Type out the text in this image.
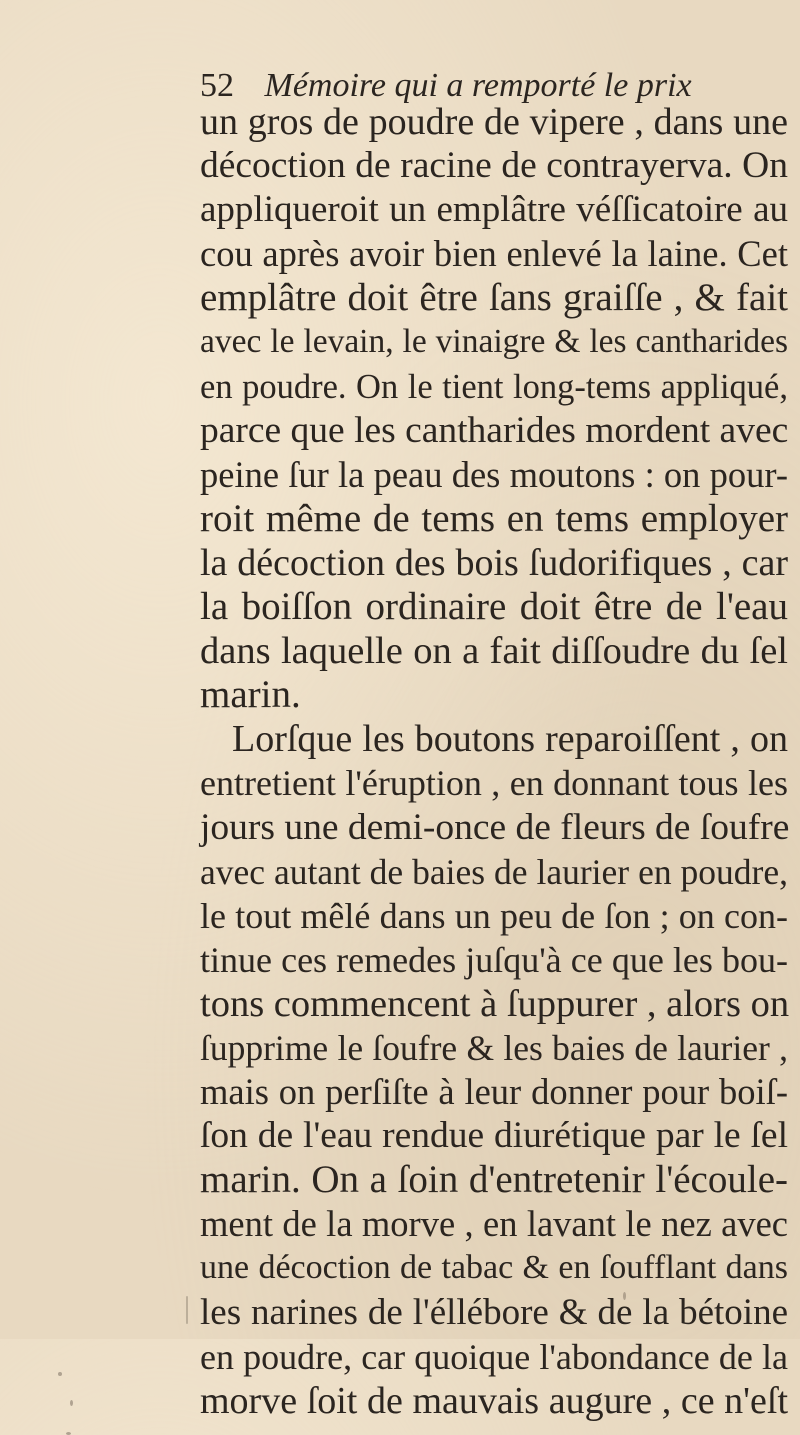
52 Mémoire qui a remporté le prix
un gros de poudre de vipere , dans une
décoction de racine de contrayerva. On
appliqueroit un emplâtre véſſicatoire au
cou après avoir bien enlevé la laine. Cet
emplâtre doit être ſans graiſſe , & fait
avec le levain, le vinaigre & les cantharides
en poudre. On le tient long-tems appliqué,
parce que les cantharides mordent avec
peine ſur la peau des moutons : on pour-
roit même de tems en tems employer
la décoction des bois ſudorifiques , car
la boiſſon ordinaire doit être de l'eau
dans laquelle on a fait diſſoudre du ſel
marin.
Lorſque les boutons reparoiſſent , on
entretient l'éruption , en donnant tous les
jours une demi-once de fleurs de ſoufre
avec autant de baies de laurier en poudre,
le tout mêlé dans un peu de ſon ; on con-
tinue ces remedes juſqu'à ce que les bou-
tons commencent à ſuppurer , alors on
ſupprime le ſoufre & les baies de laurier ,
mais on perſiſte à leur donner pour boiſ-
ſon de l'eau rendue diurétique par le ſel
marin. On a ſoin d'entretenir l'écoule-
ment de la morve , en lavant le nez avec
une décoction de tabac & en ſoufflant dans
les narines de l'éllébore & de la bétoine
en poudre, car quoique l'abondance de la
morve ſoit de mauvais augure , ce n'eſt
